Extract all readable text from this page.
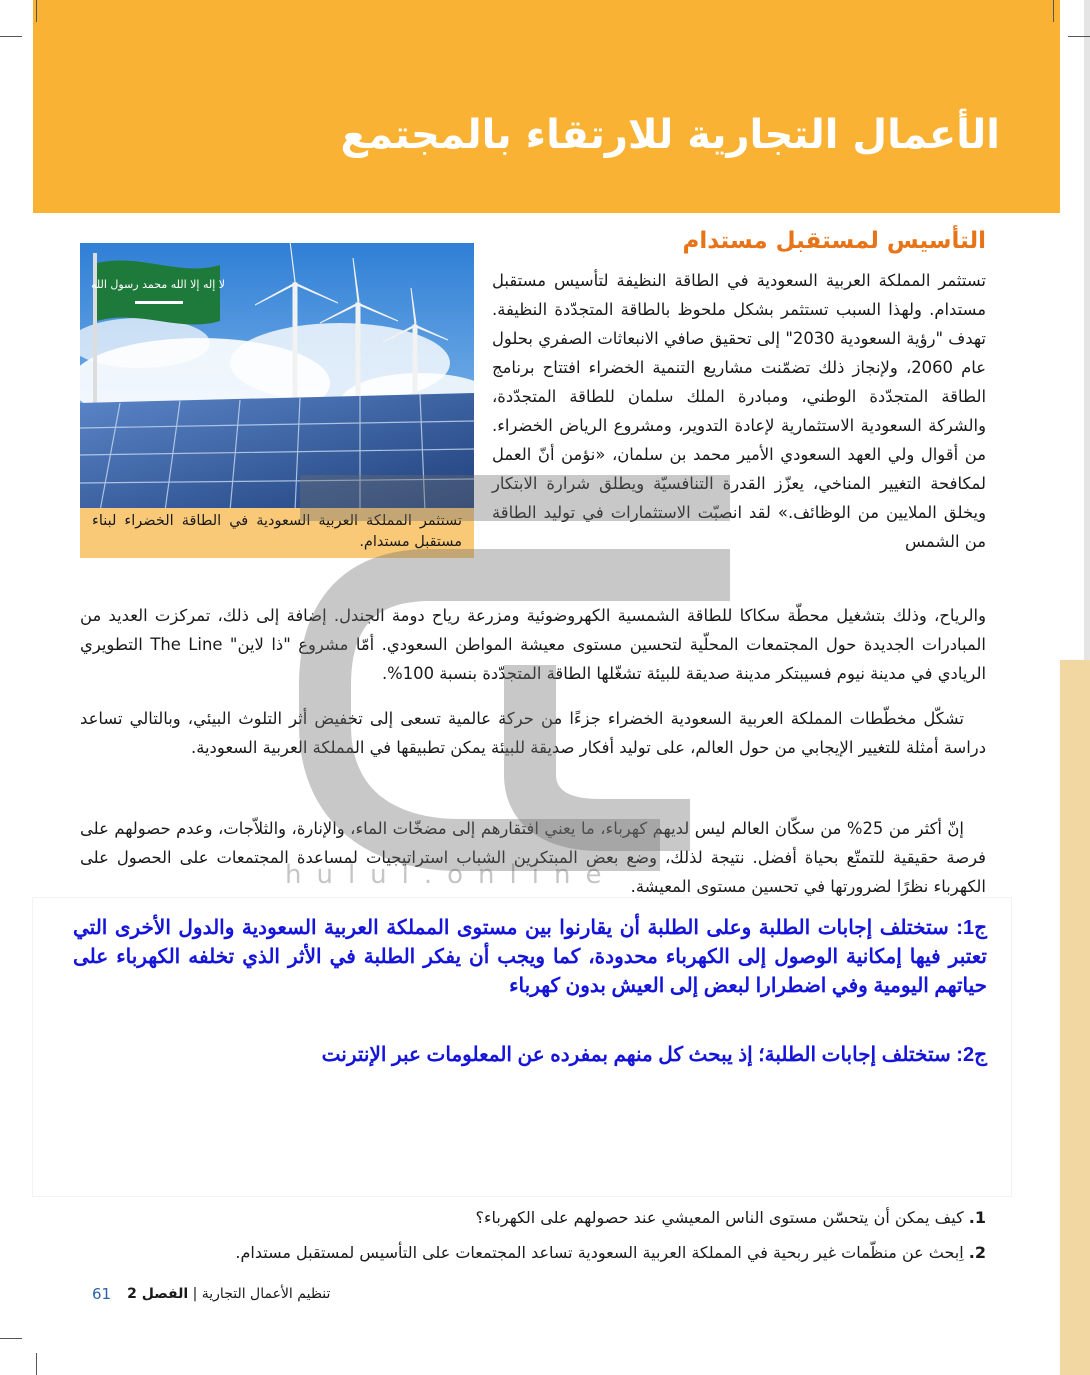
الأعمال التجارية للارتقاء بالمجتمع
التأسيس لمستقبل مستدام
لا إله إلا الله محمد رسول الله
تستثمر المملكة العربية السعودية في الطاقة الخضراء لبناء مستقبل مستدام.

تستثمر المملكة العربية السعودية في الطاقة النظيفة لتأسيس مستقبل مستدام. ولهذا السبب تستثمر بشكل ملحوظ بالطاقة المتجدّدة النظيفة. تهدف "رؤية السعودية 2030" إلى تحقيق صافي الانبعاثات الصفري بحلول عام 2060، ولإنجاز ذلك تضمّنت مشاريع التنمية الخضراء افتتاح برنامج الطاقة المتجدّدة الوطني، ومبادرة الملك سلمان للطاقة المتجدّدة، والشركة السعودية الاستثمارية لإعادة التدوير، ومشروع الرياض الخضراء. من أقوال ولي العهد السعودي الأمير محمد بن سلمان، «نؤمن أنّ العمل لمكافحة التغيير المناخي، يعزّز القدرة التنافسيّة ويطلق شرارة الابتكار ويخلق الملايين من الوظائف.» لقد انصبّت الاستثمارات في توليد الطاقة من الشمس

والرياح، وذلك بتشغيل محطّة سكاكا للطاقة الشمسية الكهروضوئية ومزرعة رياح دومة الجندل. إضافة إلى ذلك، تمركزت العديد من المبادرات الجديدة حول المجتمعات المحلّية لتحسين مستوى معيشة المواطن السعودي. أمّا مشروع "ذا لاين" The Line التطويري الريادي في مدينة نيوم فسيبتكر مدينة صديقة للبيئة تشغّلها الطاقة المتجدّدة بنسبة 100%.

تشكّل مخطّطات المملكة العربية السعودية الخضراء جزءًا من حركة عالمية تسعى إلى تخفيض أثر التلوث البيئي، وبالتالي تساعد دراسة أمثلة للتغيير الإيجابي من حول العالم، على توليد أفكار صديقة للبيئة يمكن تطبيقها في المملكة العربية السعودية.

إنّ أكثر من 25% من سكّان العالم ليس لديهم كهرباء، ما يعني افتقارهم إلى مضخّات الماء، والإنارة، والثلاّجات، وعدم حصولهم على فرصة حقيقية للتمتّع بحياة أفضل. نتيجة لذلك، وضع بعض المبتكرين الشباب استراتيجيات لمساعدة المجتمعات على الحصول على الكهرباء نظرًا لضرورتها في تحسين مستوى المعيشة.

hulul.online

ج1: ستختلف إجابات الطلبة وعلى الطلبة أن يقارنوا بين مستوى المملكة العربية السعودية والدول الأخرى التي تعتبر فيها إمكانية الوصول إلى الكهرباء محدودة، كما ويجب أن يفكر الطلبة في الأثر الذي تخلفه الكهرباء على حياتهم اليومية وفي اضطرارا لبعض إلى العيش بدون كهرباء

ج2: ستختلف إجابات الطلبة؛ إذ يبحث كل منهم بمفرده عن المعلومات عبر الإنترنت

1. كيف يمكن أن يتحسّن مستوى الناس المعيشي عند حصولهم على الكهرباء؟

2. اِبحث عن منظّمات غير ربحية في المملكة العربية السعودية تساعد المجتمعات على التأسيس لمستقبل مستدام.

61	تنظيم الأعمال التجارية | الفصل 2
